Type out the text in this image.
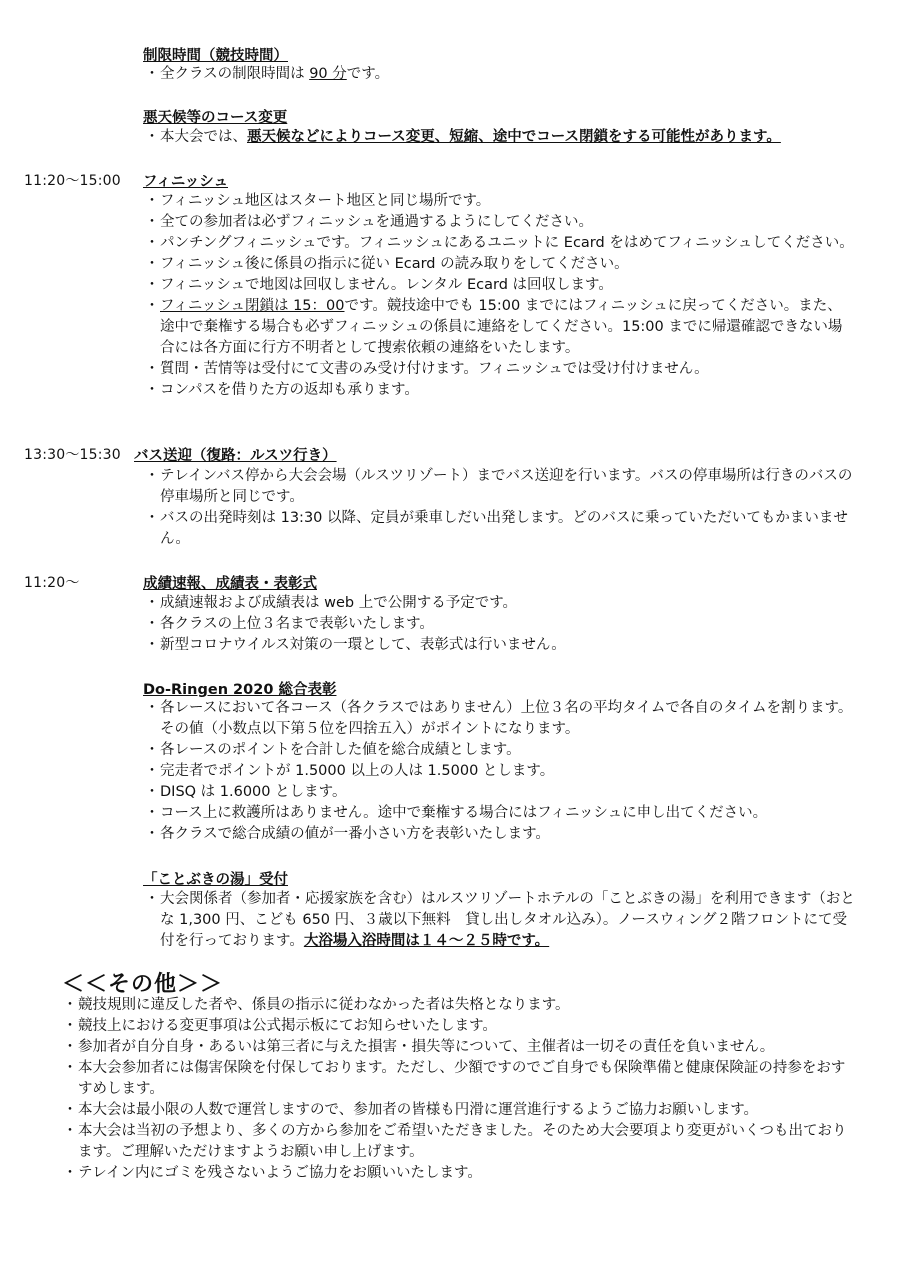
制限時間（競技時間）
・ 全クラスの制限時間は 90 分です。
悪天候等のコース変更
・ 本大会では、悪天候などによりコース変更、短縮、途中でコース閉鎖をする可能性があります。
11:20〜15:00 フィニッシュ
・ フィニッシュ地区はスタート地区と同じ場所です。
・ 全ての参加者は必ずフィニッシュを通過するようにしてください。
・ パンチングフィニッシュです。フィニッシュにあるユニットに Ecard をはめてフィニッシュしてください。
・ フィニッシュ後に係員の指示に従い Ecard の読み取りをしてください。
・ フィニッシュで地図は回収しません。レンタル Ecard は回収します。
・ フィニッシュ閉鎖は 15：00です。競技途中でも 15:00 までにはフィニッシュに戻ってください。また、途中で棄権する場合も必ずフィニッシュの係員に連絡をしてください。15:00 までに帰還確認できない場合には各方面に行方不明者として捜索依頼の連絡をいたします。
・ 質問・苦情等は受付にて文書のみ受け付けます。フィニッシュでは受け付けません。
・ コンパスを借りた方の返却も承ります。
13:30〜15:30 バス送迎（復路：ルスツ行き）
・ テレインバス停から大会会場（ルスツリゾート）までバス送迎を行います。バスの停車場所は行きのバスの停車場所と同じです。
・ バスの出発時刻は 13:30 以降、定員が乗車しだい出発します。どのバスに乗っていただいてもかまいません。
11:20〜	成績速報、成績表・表彰式
・ 成績速報および成績表は web 上で公開する予定です。
・ 各クラスの上位３名まで表彰いたします。
・ 新型コロナウイルス対策の一環として、表彰式は行いません。
Do-Ringen 2020 総合表彰
・ 各レースにおいて各コース（各クラスではありません）上位３名の平均タイムで各自のタイムを割ります。その値（小数点以下第５位を四捨五入）がポイントになります。
・ 各レースのポイントを合計した値を総合成績とします。
・ 完走者でポイントが 1.5000 以上の人は 1.5000 とします。
・ DISQ は 1.6000 とします。
・ コース上に救護所はありません。途中で棄権する場合にはフィニッシュに申し出てください。
・ 各クラスで総合成績の値が一番小さい方を表彰いたします。
「ことぶきの湯」受付
・ 大会関係者（参加者・応援家族を含む）はルスツリゾートホテルの「ことぶきの湯」を利用できます（おとな 1,300 円、こども 650 円、３歳以下無料　貸し出しタオル込み）。ノースウィング２階フロントにて受付を行っております。大浴場入浴時間は１４〜２５時です。
＜＜その他＞＞
・ 競技規則に違反した者や、係員の指示に従わなかった者は失格となります。
・ 競技上における変更事項は公式掲示板にてお知らせいたします。
・ 参加者が自分自身・あるいは第三者に与えた損害・損失等について、主催者は一切その責任を負いません。
・ 本大会参加者には傷害保険を付保しております。ただし、少額ですのでご自身でも保険準備と健康保険証の持参をおすすめします。
・ 本大会は最小限の人数で運営しますので、参加者の皆様も円滑に運営進行するようご協力お願いします。
・ 本大会は当初の予想より、多くの方から参加をご希望いただきました。そのため大会要項より変更がいくつも出ております。ご理解いただけますようお願い申し上げます。
・ テレイン内にゴミを残さないようご協力をお願いいたします。
